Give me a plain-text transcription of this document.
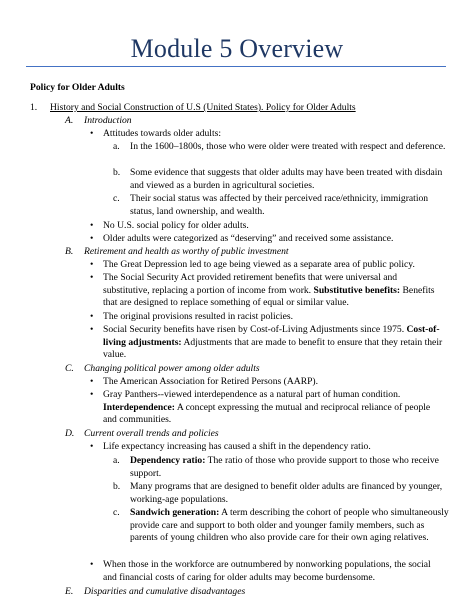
Module 5 Overview
Policy for Older Adults
1. History and Social Construction of U.S (United States). Policy for Older Adults
A. Introduction
• Attitudes towards older adults:
a. In the 1600–1800s, those who were older were treated with respect and deference.
b. Some evidence that suggests that older adults may have been treated with disdain and viewed as a burden in agricultural societies.
c. Their social status was affected by their perceived race/ethnicity, immigration status, land ownership, and wealth.
• No U.S. social policy for older adults.
• Older adults were categorized as “deserving” and received some assistance.
B. Retirement and health as worthy of public investment
• The Great Depression led to age being viewed as a separate area of public policy.
• The Social Security Act provided retirement benefits that were universal and substitutive, replacing a portion of income from work. Substitutive benefits: Benefits that are designed to replace something of equal or similar value.
• The original provisions resulted in racist policies.
• Social Security benefits have risen by Cost-of-Living Adjustments since 1975. Cost-of-living adjustments: Adjustments that are made to benefit to ensure that they retain their value.
C. Changing political power among older adults
• The American Association for Retired Persons (AARP).
• Gray Panthers--viewed interdependence as a natural part of human condition. Interdependence: A concept expressing the mutual and reciprocal reliance of people and communities.
D. Current overall trends and policies
• Life expectancy increasing has caused a shift in the dependency ratio.
a. Dependency ratio: The ratio of those who provide support to those who receive support.
b. Many programs that are designed to benefit older adults are financed by younger, working-age populations.
c. Sandwich generation: A term describing the cohort of people who simultaneously provide care and support to both older and younger family members, such as parents of young children who also provide care for their own aging relatives.
• When those in the workforce are outnumbered by nonworking populations, the social and financial costs of caring for older adults may become burdensome.
E. Disparities and cumulative disadvantages
